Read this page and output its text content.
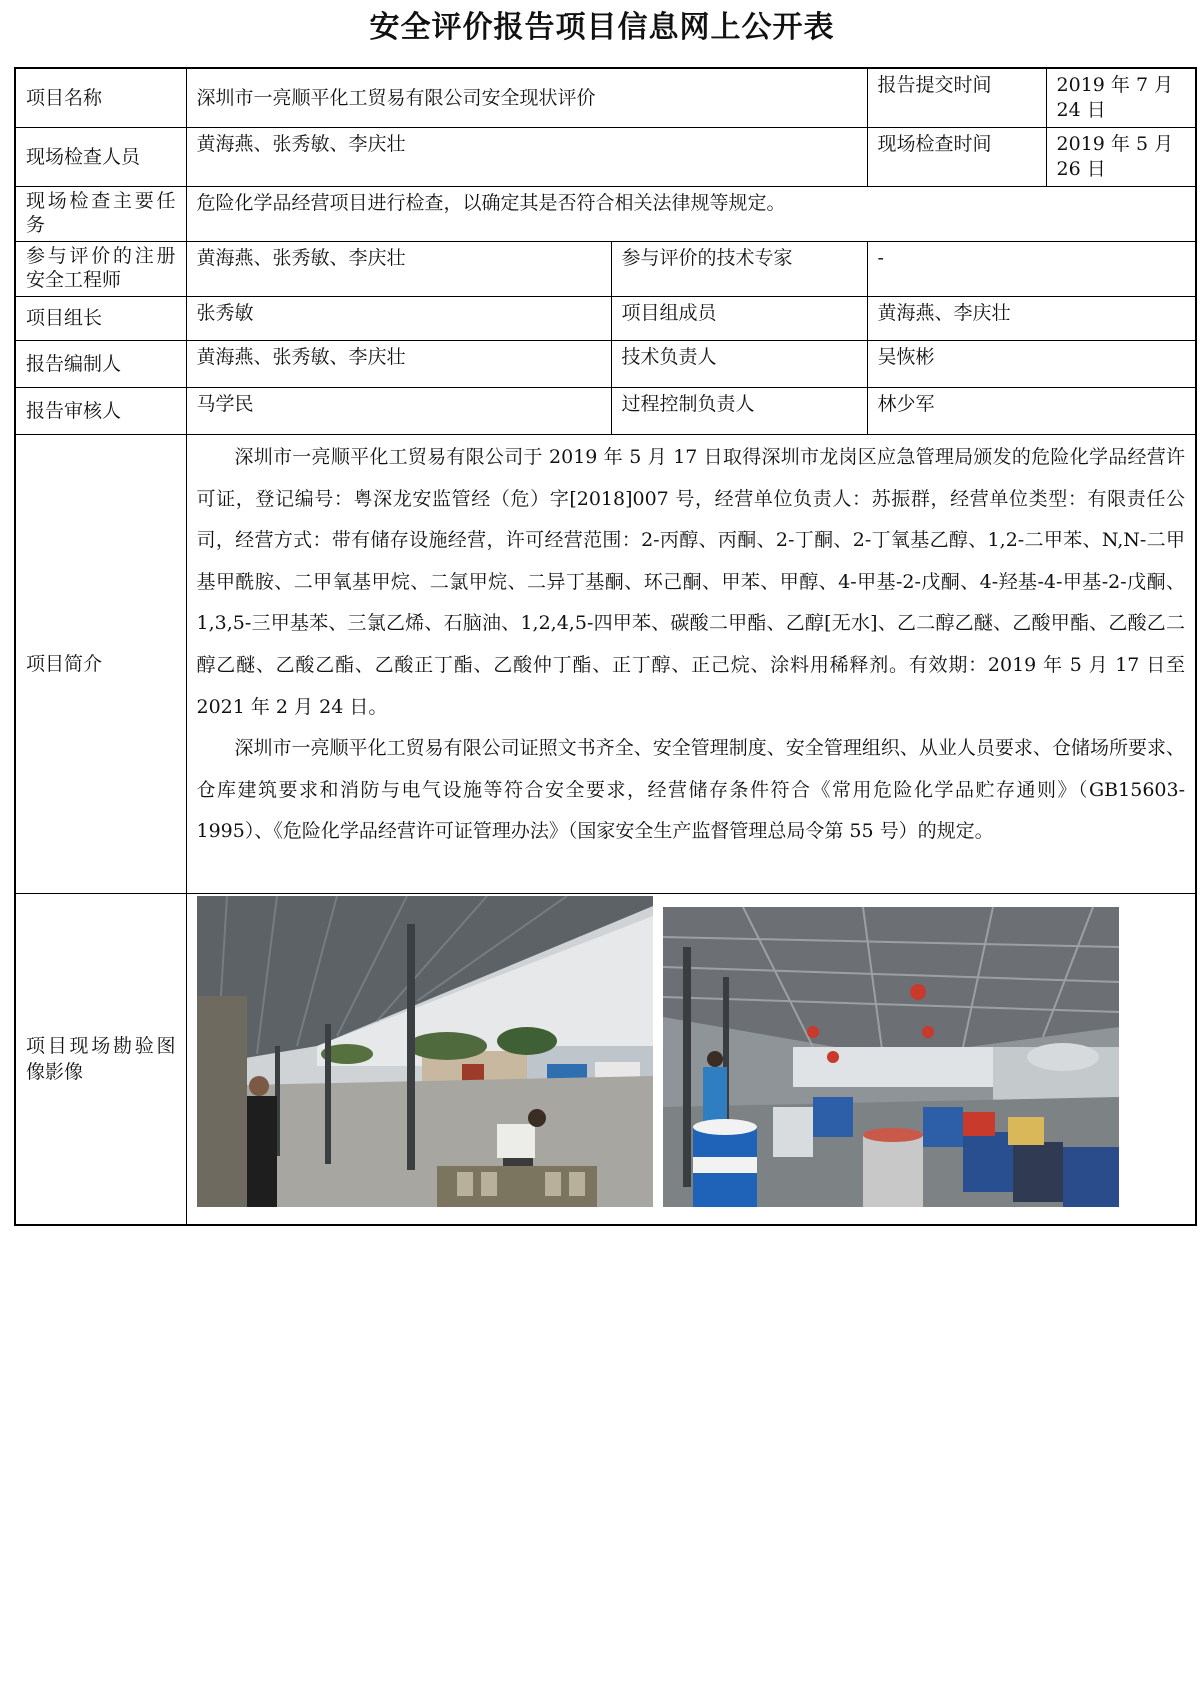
安全评价报告项目信息网上公开表
项目名称	深圳市一亮顺平化工贸易有限公司安全现状评价		报告提交时间	2019 年 7 月 24 日
现场检查人员	黄海燕、张秀敏、李庆壮		现场检查时间	2019 年 5 月 26 日
现场检查主要任务	危险化学品经营项目进行检查，以确定其是否符合相关法律规等规定。			
参与评价的注册安全工程师	黄海燕、张秀敏、李庆壮	参与评价的技术专家	-	
项目组长	张秀敏	项目组成员	黄海燕、李庆壮	
报告编制人	黄海燕、张秀敏、李庆壮	技术负责人	吴恢彬	
报告审核人	马学民	过程控制负责人	林少军	
项目简介	深圳市一亮顺平化工贸易有限公司于 2019 年 5 月 17 日取得深圳市龙岗区应急管理局颁发的危险化学品经营许可证，登记编号：粤深龙安监管经（危）字[2018]007 号，经营单位负责人：苏振群，经营单位类型：有限责任公司，经营方式：带有储存设施经营，许可经营范围：2-丙醇、丙酮、2-丁酮、2-丁氧基乙醇、1,2-二甲苯、N,N-二甲基甲酰胺、二甲氧基甲烷、二氯甲烷、二异丁基酮、环己酮、甲苯、甲醇、4-甲基-2-戊酮、4-羟基-4-甲基-2-戊酮、1,3,5-三甲基苯、三氯乙烯、石脑油、1,2,4,5-四甲苯、碳酸二甲酯、乙醇[无水]、乙二醇乙醚、乙酸甲酯、乙酸乙二醇乙醚、乙酸乙酯、乙酸正丁酯、乙酸仲丁酯、正丁醇、正己烷、涂料用稀释剂。有效期：2019 年 5 月 17 日至 2021 年 2 月 24 日。

深圳市一亮顺平化工贸易有限公司证照文书齐全、安全管理制度、安全管理组织、从业人员要求、仓储场所要求、仓库建筑要求和消防与电气设施等符合安全要求，经营储存条件符合《常用危险化学品贮存通则》（GB15603-1995）、《危险化学品经营许可证管理办法》（国家安全生产监督管理总局令第 55 号）的规定。			

项目现场勘验图像影像	
